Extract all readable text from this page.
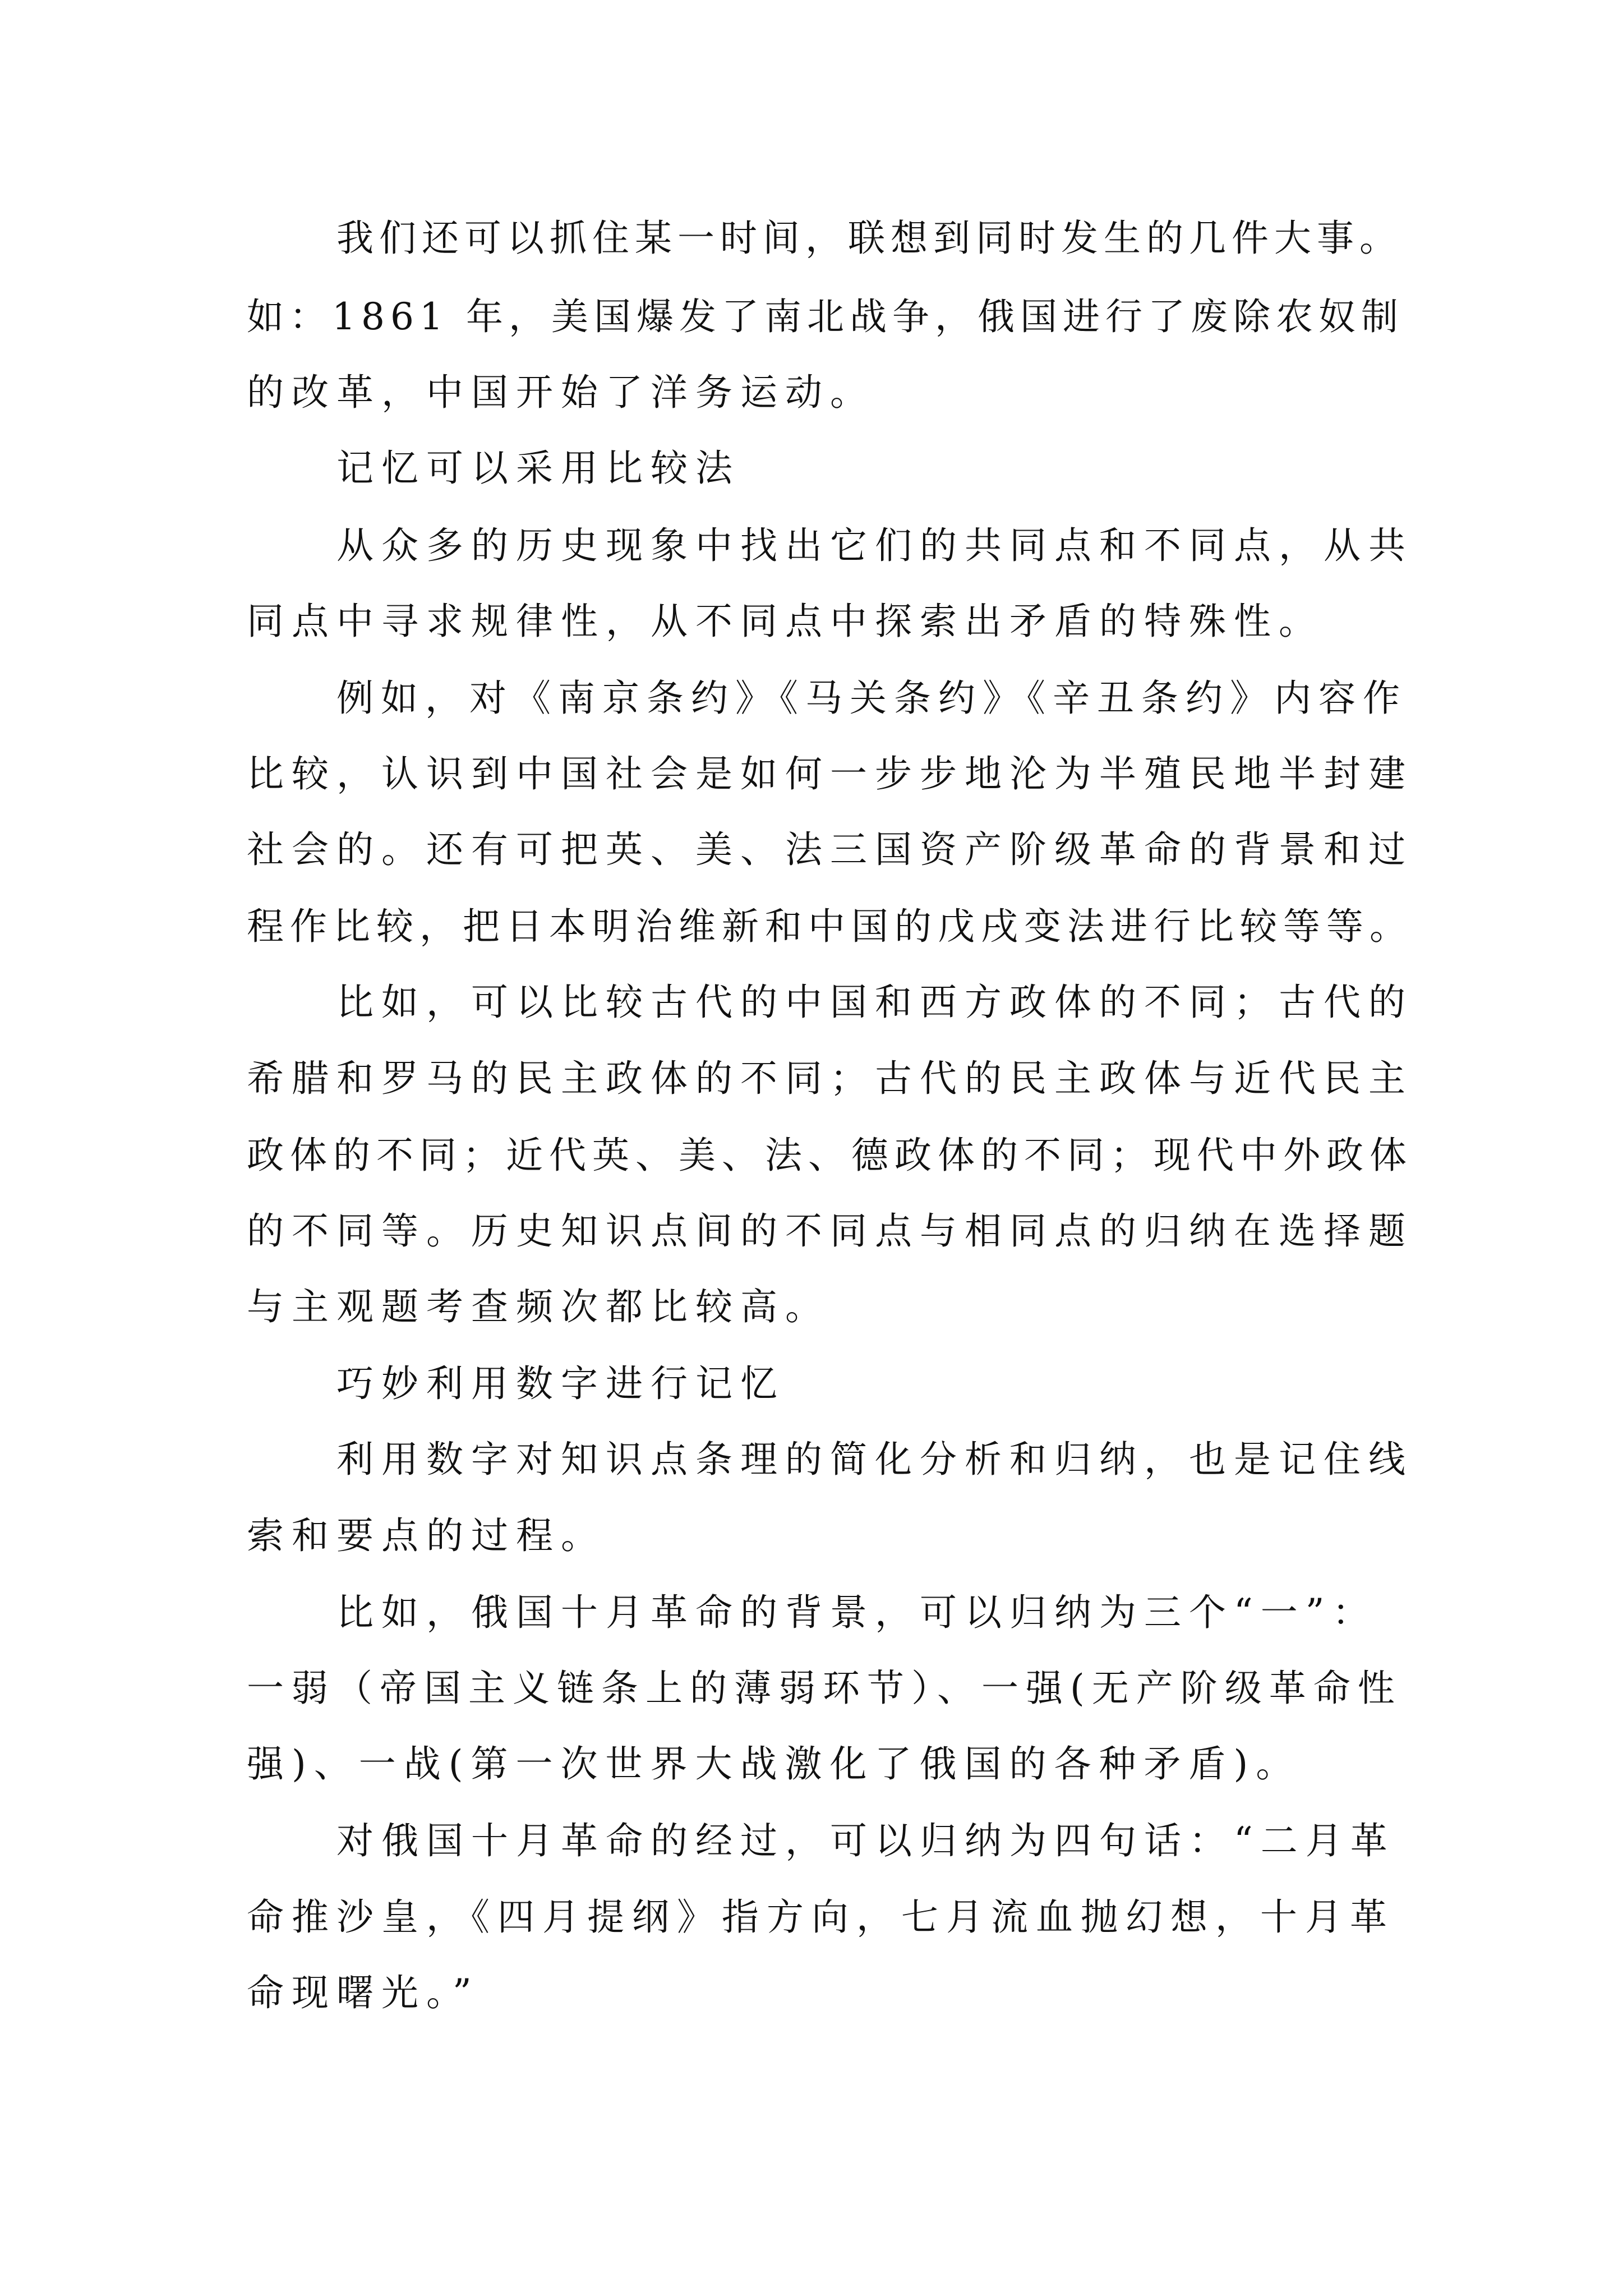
我们还可以抓住某一时间，联想到同时发生的几件大事。

如：1861 年，美国爆发了南北战争，俄国进行了废除农奴制

的改革，中国开始了洋务运动。

记忆可以采用比较法

从众多的历史现象中找出它们的共同点和不同点，从共

同点中寻求规律性，从不同点中探索出矛盾的特殊性。

例如，对《南京条约》《马关条约》《辛丑条约》内容作

比较，认识到中国社会是如何一步步地沦为半殖民地半封建

社会的。还有可把英、美、法三国资产阶级革命的背景和过

程作比较，把日本明治维新和中国的戊戌变法进行比较等等。

比如，可以比较古代的中国和西方政体的不同；古代的

希腊和罗马的民主政体的不同；古代的民主政体与近代民主

政体的不同；近代英、美、法、德政体的不同；现代中外政体

的不同等。历史知识点间的不同点与相同点的归纳在选择题

与主观题考查频次都比较高。

巧妙利用数字进行记忆

利用数字对知识点条理的简化分析和归纳，也是记住线

索和要点的过程。

比如，俄国十月革命的背景，可以归纳为三个“一”：

一弱（帝国主义链条上的薄弱环节）、一强(无产阶级革命性

强)、一战(第一次世界大战激化了俄国的各种矛盾)。

对俄国十月革命的经过，可以归纳为四句话：“二月革

命推沙皇，《四月提纲》指方向，七月流血抛幻想，十月革

命现曙光。”
